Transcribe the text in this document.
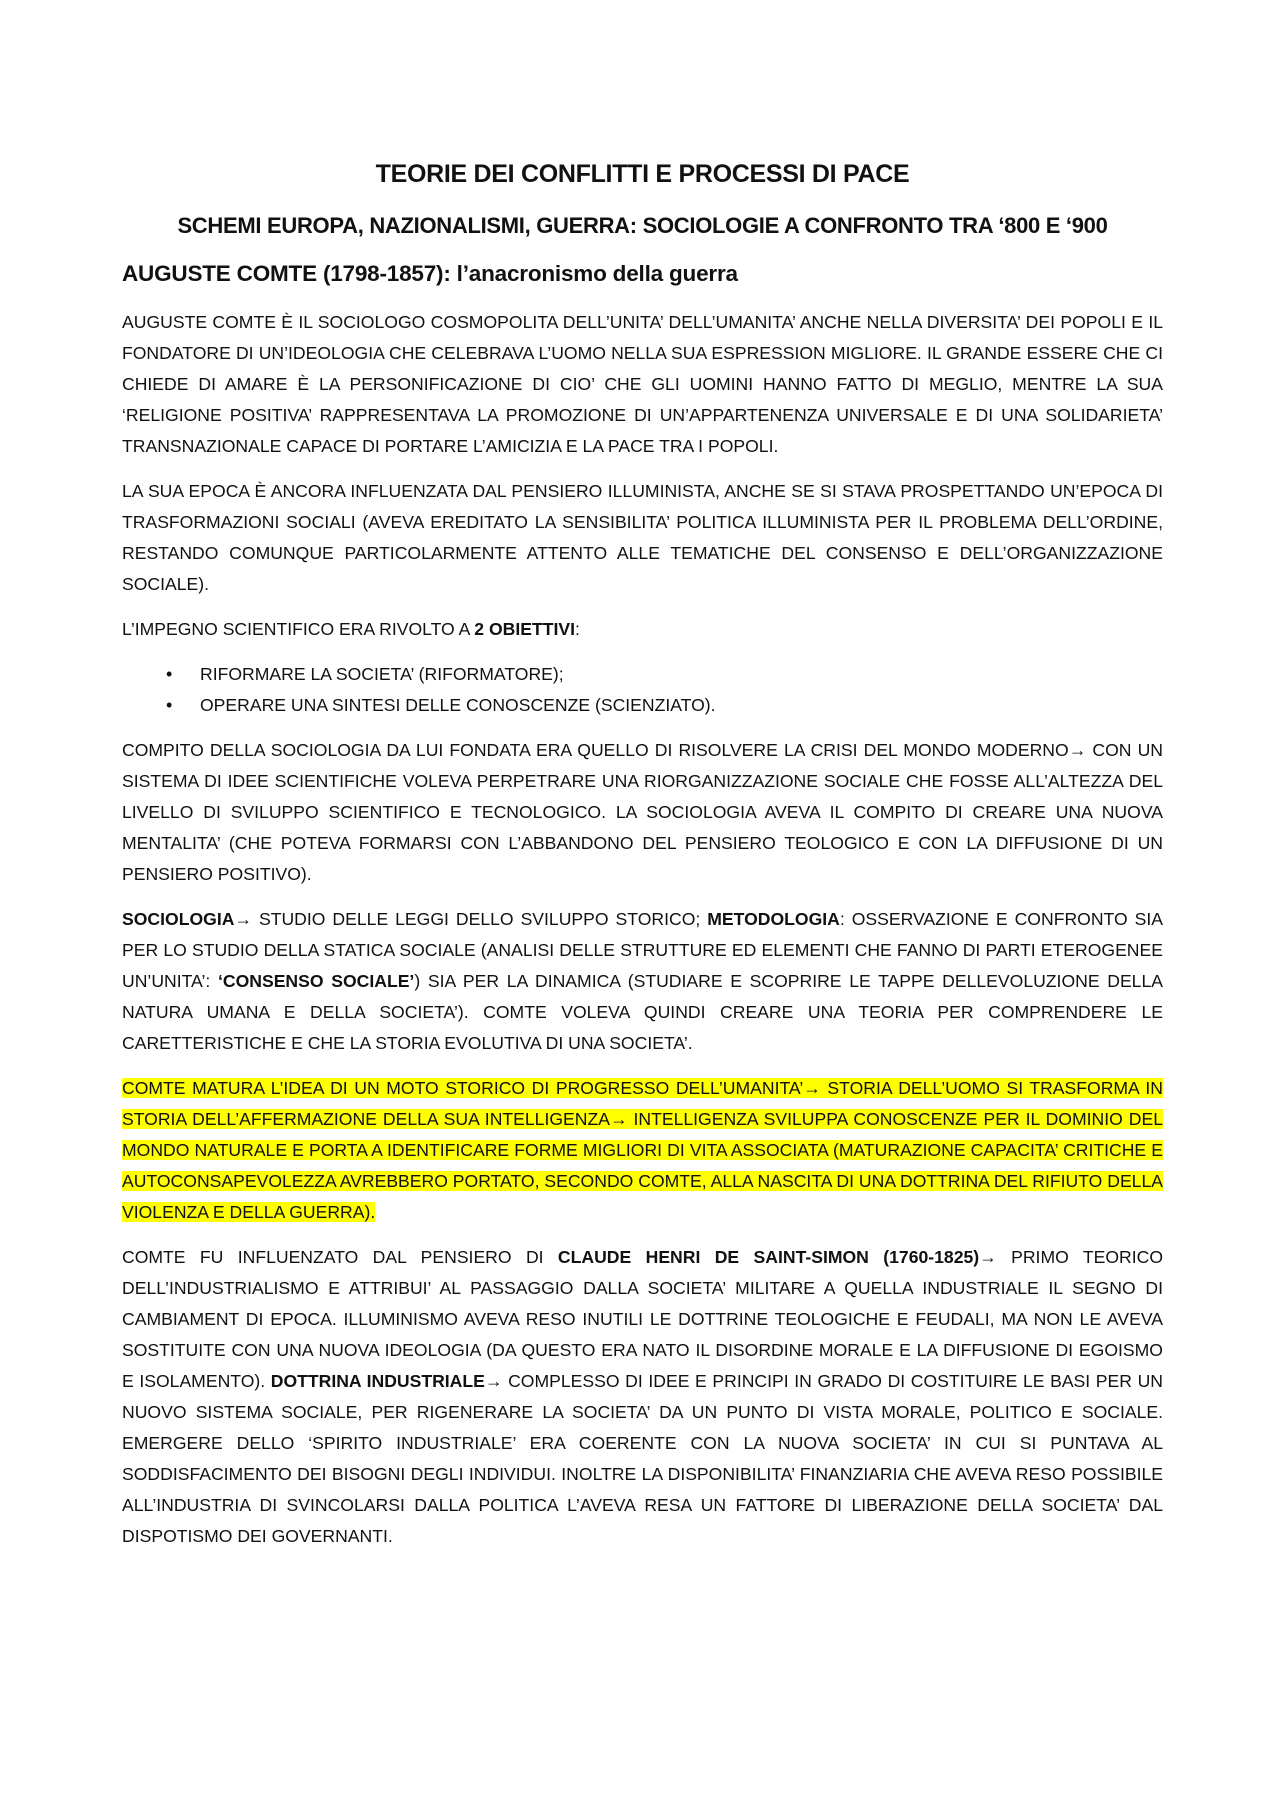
TEORIE DEI CONFLITTI E PROCESSI DI PACE
SCHEMI EUROPA, NAZIONALISMI, GUERRA: SOCIOLOGIE A CONFRONTO TRA ‘800 E ‘900
AUGUSTE COMTE (1798-1857): l’anacronismo della guerra

AUGUSTE COMTE È IL SOCIOLOGO COSMOPOLITA DELL’UNITA’ DELL’UMANITA’ ANCHE NELLA DIVERSITA’ DEI POPOLI E IL FONDATORE DI UN’IDEOLOGIA CHE CELEBRAVA L’UOMO NELLA SUA ESPRESSION MIGLIORE. IL GRANDE ESSERE CHE CI CHIEDE DI AMARE È LA PERSONIFICAZIONE DI CIO’ CHE GLI UOMINI HANNO FATTO DI MEGLIO, MENTRE LA SUA ‘RELIGIONE POSITIVA’ RAPPRESENTAVA LA PROMOZIONE DI UN’APPARTENENZA UNIVERSALE E DI UNA SOLIDARIETA’ TRANSNAZIONALE CAPACE DI PORTARE L’AMICIZIA E LA PACE TRA I POPOLI.

LA SUA EPOCA È ANCORA INFLUENZATA DAL PENSIERO ILLUMINISTA, ANCHE SE SI STAVA PROSPETTANDO UN’EPOCA DI TRASFORMAZIONI SOCIALI (AVEVA EREDITATO LA SENSIBILITA’ POLITICA ILLUMINISTA PER IL PROBLEMA DELL’ORDINE, RESTANDO COMUNQUE PARTICOLARMENTE ATTENTO ALLE TEMATICHE DEL CONSENSO E DELL’ORGANIZZAZIONE SOCIALE).

L’IMPEGNO SCIENTIFICO ERA RIVOLTO A 2 OBIETTIVI:

• RIFORMARE LA SOCIETA’ (RIFORMATORE);
• OPERARE UNA SINTESI DELLE CONOSCENZE (SCIENZIATO).

COMPITO DELLA SOCIOLOGIA DA LUI FONDATA ERA QUELLO DI RISOLVERE LA CRISI DEL MONDO MODERNO→ CON UN SISTEMA DI IDEE SCIENTIFICHE VOLEVA PERPETRARE UNA RIORGANIZZAZIONE SOCIALE CHE FOSSE ALL’ALTEZZA DEL LIVELLO DI SVILUPPO SCIENTIFICO E TECNOLOGICO. LA SOCIOLOGIA AVEVA IL COMPITO DI CREARE UNA NUOVA MENTALITA’ (CHE POTEVA FORMARSI CON L’ABBANDONO DEL PENSIERO TEOLOGICO E CON LA DIFFUSIONE DI UN PENSIERO POSITIVO).

SOCIOLOGIA→ STUDIO DELLE LEGGI DELLO SVILUPPO STORICO; METODOLOGIA: OSSERVAZIONE E CONFRONTO SIA PER LO STUDIO DELLA STATICA SOCIALE (ANALISI DELLE STRUTTURE ED ELEMENTI CHE FANNO DI PARTI ETEROGENEE UN’UNITA’: ‘CONSENSO SOCIALE’) SIA PER LA DINAMICA (STUDIARE E SCOPRIRE LE TAPPE DELLEVOLUZIONE DELLA NATURA UMANA E DELLA SOCIETA’). COMTE VOLEVA QUINDI CREARE UNA TEORIA PER COMPRENDERE LE CARETTERISTICHE E CHE LA STORIA EVOLUTIVA DI UNA SOCIETA’.

COMTE MATURA L’IDEA DI UN MOTO STORICO DI PROGRESSO DELL’UMANITA’→ STORIA DELL’UOMO SI TRASFORMA IN STORIA DELL’AFFERMAZIONE DELLA SUA INTELLIGENZA→ INTELLIGENZA SVILUPPA CONOSCENZE PER IL DOMINIO DEL MONDO NATURALE E PORTA A IDENTIFICARE FORME MIGLIORI DI VITA ASSOCIATA (MATURAZIONE CAPACITA’ CRITICHE E AUTOCONSAPEVOLEZZA AVREBBERO PORTATO, SECONDO COMTE, ALLA NASCITA DI UNA DOTTRINA DEL RIFIUTO DELLA VIOLENZA E DELLA GUERRA).

COMTE FU INFLUENZATO DAL PENSIERO DI CLAUDE HENRI DE SAINT-SIMON (1760-1825)→ PRIMO TEORICO DELL’INDUSTRIALISMO E ATTRIBUI’ AL PASSAGGIO DALLA SOCIETA’ MILITARE A QUELLA INDUSTRIALE IL SEGNO DI CAMBIAMENT DI EPOCA. ILLUMINISMO AVEVA RESO INUTILI LE DOTTRINE TEOLOGICHE E FEUDALI, MA NON LE AVEVA SOSTITUITE CON UNA NUOVA IDEOLOGIA (DA QUESTO ERA NATO IL DISORDINE MORALE E LA DIFFUSIONE DI EGOISMO E ISOLAMENTO). DOTTRINA INDUSTRIALE→ COMPLESSO DI IDEE E PRINCIPI IN GRADO DI COSTITUIRE LE BASI PER UN NUOVO SISTEMA SOCIALE, PER RIGENERARE LA SOCIETA’ DA UN PUNTO DI VISTA MORALE, POLITICO E SOCIALE. EMERGERE DELLO ‘SPIRITO INDUSTRIALE’ ERA COERENTE CON LA NUOVA SOCIETA’ IN CUI SI PUNTAVA AL SODDISFACIMENTO DEI BISOGNI DEGLI INDIVIDUI. INOLTRE LA DISPONIBILITA’ FINANZIARIA CHE AVEVA RESO POSSIBILE ALL’INDUSTRIA DI SVINCOLARSI DALLA POLITICA L’AVEVA RESA UN FATTORE DI LIBERAZIONE DELLA SOCIETA’ DAL DISPOTISMO DEI GOVERNANTI.
